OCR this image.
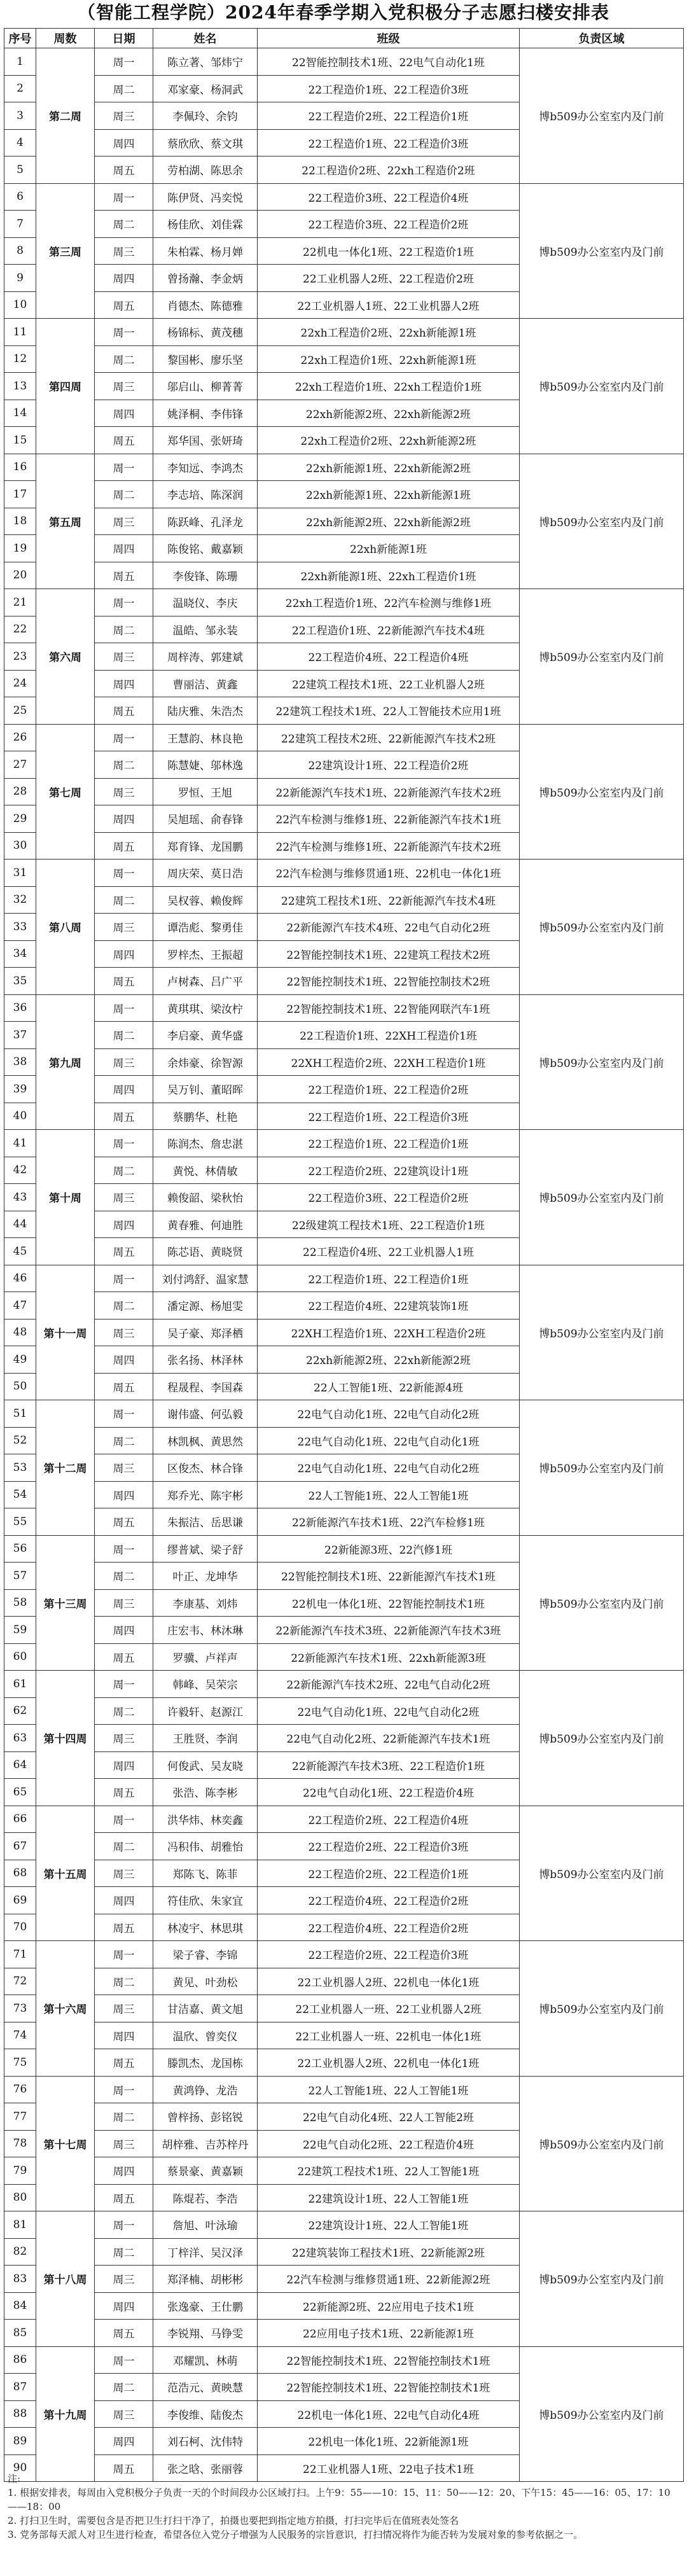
（智能工程学院）2024年春季学期入党积极分子志愿扫楼安排表
序号	周数	日期	姓名	班级	负责区域
1	第二周	周一	陈立著、邹炜宁	22智能控制技术1班、22电气自动化1班	博b509办公室室内及门前
2		周二	邓家豪、杨洞武	22工程造价1班、22工程造价3班	
3		周三	李佩玲、余钧	22工程造价2班、22工程造价1班	
4		周四	蔡欣欣、蔡文琪	22工程造价1班、22工程造价3班	
5		周五	劳柏湖、陈思余	22工程造价2班、22xh工程造价2班	
6	第三周	周一	陈伊贤、冯奕悦	22工程造价3班、22工程造价4班	博b509办公室室内及门前
7		周二	杨佳欣、刘佳霖	22工程造价3班、22工程造价2班	
8		周三	朱柏霖、杨月婵	22机电一体化1班、22工程造价1班	
9		周四	曾扬瀚、李金炳	22工业机器人2班、22工程造价2班	
10		周五	肖德杰、陈德雅	22工业机器人1班、22工业机器人2班	
11	第四周	周一	杨锦标、黄茂穗	22xh工程造价2班、22xh新能源1班	博b509办公室室内及门前
12		周二	黎国彬、廖乐坚	22xh工程造价1班、22xh新能源1班	
13		周三	邬启山、柳菁菁	22xh工程造价1班、22xh工程造价1班	
14		周四	姚泽桐、李伟锋	22xh新能源2班、22xh新能源2班	
15		周五	郑华国、张妍琦	22xh工程造价2班、22xh新能源2班	
16	第五周	周一	李知远、李鸿杰	22xh新能源1班、22xh新能源2班	博b509办公室室内及门前
17		周二	李志培、陈深润	22xh新能源1班、22xh新能源1班	
18		周三	陈跃峰、孔泽龙	22xh新能源2班、22xh新能源2班	
19		周四	陈俊铭、戴嘉颖	22xh新能源1班	
20		周五	李俊锋、陈珊	22xh新能源1班、22xh工程造价1班	
21	第六周	周一	温晓仪、李庆	22xh工程造价1班、22汽车检测与维修1班	博b509办公室室内及门前
22		周二	温皓、邹永装	22工程造价1班、22新能源汽车技术4班	
23		周三	周梓涛、郭建斌	22工程造价4班、22工程造价4班	
24		周四	曹丽洁、黄鑫	22建筑工程技术1班、22工业机器人2班	
25		周五	陆庆雅、朱浩杰	22建筑工程技术1班、22人工智能技术应用1班	
26	第七周	周一	王慧韵、林良艳	22建筑工程技术2班、22新能源汽车技术2班	博b509办公室室内及门前
27		周二	陈慧婕、邬林逸	22建筑设计1班、22工程造价2班	
28		周三	罗恒、王旭	22新能源汽车技术1班、22新能源汽车技术2班	
29		周四	吴旭瑶、俞春锋	22汽车检测与维修1班、22新能源汽车技术1班	
30		周五	郑育锋、龙国鹏	22汽车检测与维修1班、22新能源汽车技术2班	
31	第八周	周一	周庆荣、莫日浩	22汽车检测与维修贯通1班、22机电一体化1班	博b509办公室室内及门前
32		周二	吴权蓉、赖俊辉	22建筑工程技术1班、22新能源汽车技术4班	
33		周三	谭浩彪、黎勇佳	22新能源汽车技术4班、22电气自动化2班	
34		周四	罗梓杰、王振超	22智能控制技术1班、22建筑工程技术2班	
35		周五	卢树森、吕广平	22智能控制技术1班、22智能控制技术2班	
36	第九周	周一	黄琪琪、梁汝柠	22智能控制技术1班、22智能网联汽车1班	博b509办公室室内及门前
37		周二	李启豪、黄华盛	22工程造价1班、22XH工程造价1班	
38		周三	余炜豪、徐智源	22XH工程造价2班、22XH工程造价1班	
39		周四	吴万钊、董昭晖	22工程造价1班、22工程造价2班	
40		周五	蔡鹏华、杜艳	22工程造价1班、22工程造价3班	
41	第十周	周一	陈润杰、詹忠湛	22工程造价1班、22工程造价1班	博b509办公室室内及门前
42		周二	黄悦、林倩敏	22工程造价2班、22建筑设计1班	
43		周三	赖俊韶、梁秋怡	22工程造价3班、22工程造价2班	
44		周四	黄春雅、何迪胜	22级建筑工程技术1班、22工程造价1班	
45		周五	陈芯语、黄晓贤	22工程造价4班、22工业机器人1班	
46	第十一周	周一	刘付鸿舒、温家慧	22工程造价1班、22工程造价1班	博b509办公室室内及门前
47		周二	潘定源、杨旭雯	22工程造价4班、22建筑装饰1班	
48		周三	吴子豪、郑泽栖	22XH工程造价1班、22XH工程造价2班	
49		周四	张名扬、林泽林	22xh新能源2班、22xh新能源2班	
50		周五	程晟程、李国森	22人工智能1班、22新能源4班	
51	第十二周	周一	谢伟盛、何弘毅	22电气自动化1班、22电气自动化2班	博b509办公室室内及门前
52		周二	林凯枫、黄思然	22电气自动化1班、22电气自动化1班	
53		周三	区俊杰、林合锋	22电气自动化1班、22电气自动化2班	
54		周四	郑乔光、陈宇彬	22人工智能1班、22人工智能1班	
55		周五	朱振洁、岳思谦	22新能源汽车技术1班、22汽车检修1班	
56	第十三周	周一	缪普斌、梁子舒	22新能源3班、22汽修1班	博b509办公室室内及门前
57		周二	叶正、龙坤华	22智能控制技术1班、22新能源汽车技术1班	
58		周三	李康基、刘炜	22机电一体化1班、22智能控制技术1班	
59		周四	庄宏韦、林沐琳	22新能源汽车技术3班、22新能源汽车技术3班	
60		周五	罗骥、卢祥声	22新能源汽车技术1班、22xh新能源3班	
61	第十四周	周一	韩峰、吴荣宗	22新能源汽车技术2班、22电气自动化2班	博b509办公室室内及门前
62		周二	许毅轩、赵源江	22电气自动化1班、22电气自动化2班	
63		周三	王胜贤、李润	22电气自动化2班、22新能源汽车技术1班	
64		周四	何俊武、吴友晓	22新能源汽车技术3班、22工程造价1班	
65		周五	张浩、陈李彬	22电气自动化1班、22工程造价4班	
66	第十五周	周一	洪华炜、林奕鑫	22工程造价2班、22工程造价4班	博b509办公室室内及门前
67		周二	冯积伟、胡雅怡	22工程造价2班、22工程造价3班	
68		周三	郑陈飞、陈菲	22工程造价2班、22工程造价1班	
69		周四	符佳欣、朱家宜	22工程造价4班、22工程造价2班	
70		周五	林凌宇、林思琪	22工程造价4班、22工程造价2班	
71	第十六周	周一	梁子睿、李锦	22工程造价2班、22工程造价3班	博b509办公室室内及门前
72		周二	黄见、叶劲松	22工业机器人2班、22机电一体化1班	
73		周三	甘洁嘉、黄文旭	22工业机器人一班、22工业机器人2班	
74		周四	温欣、曾奕仪	22工业机器人一班、22机电一体化1班	
75		周五	滕凯杰、龙国栋	22工业机器人2班、22机电一体化1班	
76	第十七周	周一	黄鸿铮、龙浩	22人工智能1班、22人工智能1班	博b509办公室室内及门前
77		周二	曾梓扬、彭铭锐	22电气自动化4班、22人工智能2班	
78		周三	胡梓雅、吉苏梓丹	22电气自动化2班、22工程造价4班	
79		周四	蔡景豪、黄嘉颖	22建筑工程技术1班、22人工智能1班	
80		周五	陈焜若、李浩	22建筑设计1班、22人工智能1班	
81	第十八周	周一	詹旭、叶泳瑜	22建筑设计1班、22人工智能1班	博b509办公室室内及门前
82		周二	丁梓洋、吴汉泽	22建筑装饰工程技术1班、22新能源2班	
83		周三	郑泽楠、胡彬彬	22汽车检测与维修贯通1班、22新能源2班	
84		周四	张逸豪、王仕鹏	22新能源2班、22应用电子技术1班	
85		周五	李锐翔、马铮雯	22应用电子技术1班、22新能源1班	
86	第十九周	周一	邓耀凯、林萌	22智能控制技术1班、22智能控制技术1班	博b509办公室室内及门前
87		周二	范浩元、黄映慧	22智能控制技术1班、22智能控制技术1班	
88		周三	李俊维、陆俊杰	22机电一体化1班、22电气自动化4班	
89		周四	刘石柯、沈伟特	22机电一体化1班、22新能源1班	
90		周五	张之晗、张丽蓉	22工业机器人1班、22电子技术1班	
注:
1. 根据安排表，每周由入党积极分子负责一天的个时间段办公区域打扫。上午9：55——10：15、11：50——12：20、下午15：45——16：05、17：10——18：00
2. 打扫卫生时，需要包含是否把卫生打扫干净了，拍摄也要把到指定地方拍摄，打扫完毕后在值班表处签名
3. 党务部每天派人对卫生进行检查，希望各位入党分子增强为人民服务的宗旨意识，打扫情况将作为能否转为发展对象的参考依据之一。
